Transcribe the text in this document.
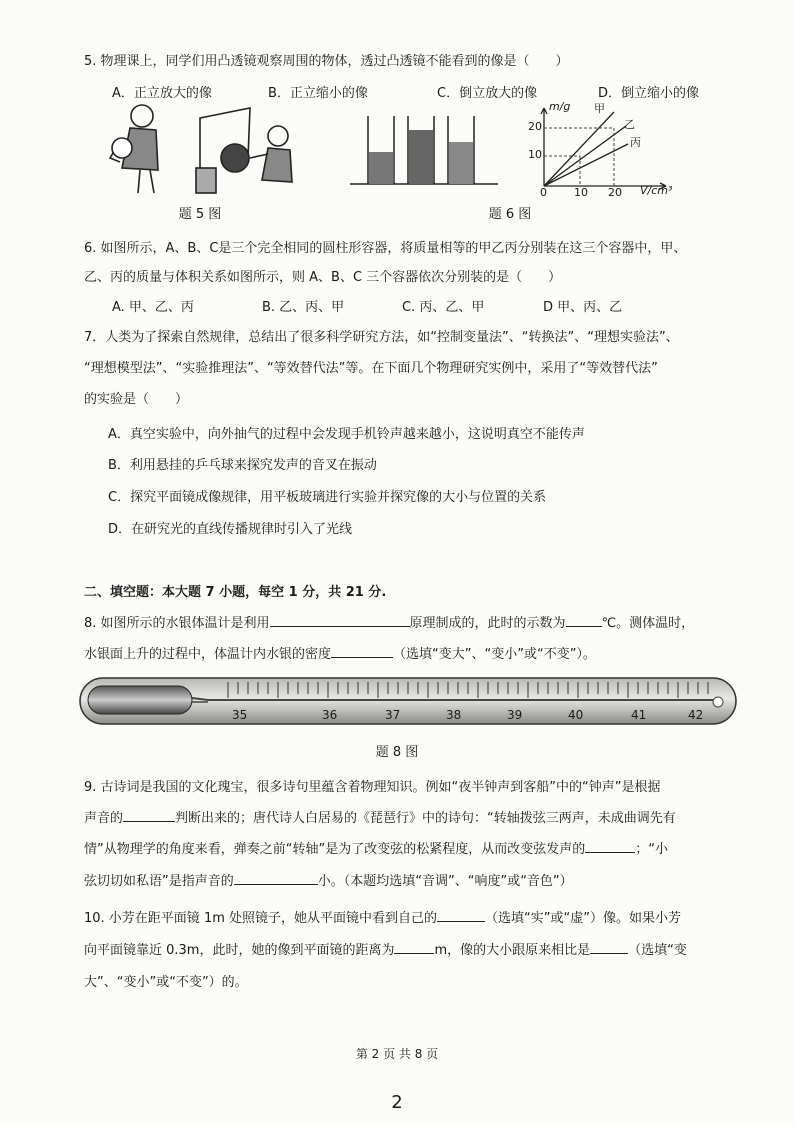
5. 物理课上，同学们用凸透镜观察周围的物体，透过凸透镜不能看到的像是（　　）
A．正立放大的像	B．正立缩小的像	C．倒立放大的像	D．倒立缩小的像
题 5 图
m/g 甲
乙
丙
20
10
0 10 20 V/cm³
题 6 图
6. 如图所示，A、B、C是三个完全相同的圆柱形容器，将质量相等的甲乙丙分别装在这三个容器中，甲、
乙、丙的质量与体积关系如图所示，则 A、B、C 三个容器依次分别装的是（　　）
A. 甲、乙、丙	B. 乙、丙、甲	C. 丙、乙、甲	D 甲、丙、乙
7．人类为了探索自然规律，总结出了很多科学研究方法，如“控制变量法”、“转换法”、“理想实验法”、
“理想模型法”、“实验推理法”、“等效替代法”等。在下面几个物理研究实例中，采用了“等效替代法”
的实验是（　　）
A．真空实验中，向外抽气的过程中会发现手机铃声越来越小，这说明真空不能传声
B．利用悬挂的乒乓球来探究发声的音叉在振动
C．探究平面镜成像规律，用平板玻璃进行实验并探究像的大小与位置的关系
D．在研究光的直线传播规律时引入了光线
二、填空题：本大题 7 小题，每空 1 分，共 21 分.
8. 如图所示的水银体温计是利用	原理制成的，此时的示数为	℃。测体温时，
水银面上升的过程中，体温计内水银的密度	（选填“变大”、“变小”或“不变”）。
35	36	37	38	39	40	41	42
题 8 图
9. 古诗词是我国的文化瑰宝，很多诗句里蕴含着物理知识。例如“夜半钟声到客船”中的“钟声”是根据
声音的	判断出来的；唐代诗人白居易的《琵琶行》中的诗句：“转轴拨弦三两声，未成曲调先有
情”从物理学的角度来看，弹奏之前“转轴”是为了改变弦的松紧程度，从而改变弦发声的	；“小
弦切切如私语”是指声音的	小。（本题均选填“音调”、“响度”或“音色”）
10. 小芳在距平面镜 1m 处照镜子，她从平面镜中看到自己的	（选填“实”或“虚”）像。如果小芳
向平面镜靠近 0.3m，此时，她的像到平面镜的距离为	m，像的大小跟原来相比是	（选填“变
大”、“变小”或“不变”）的。
第 2 页 共 8 页
2
